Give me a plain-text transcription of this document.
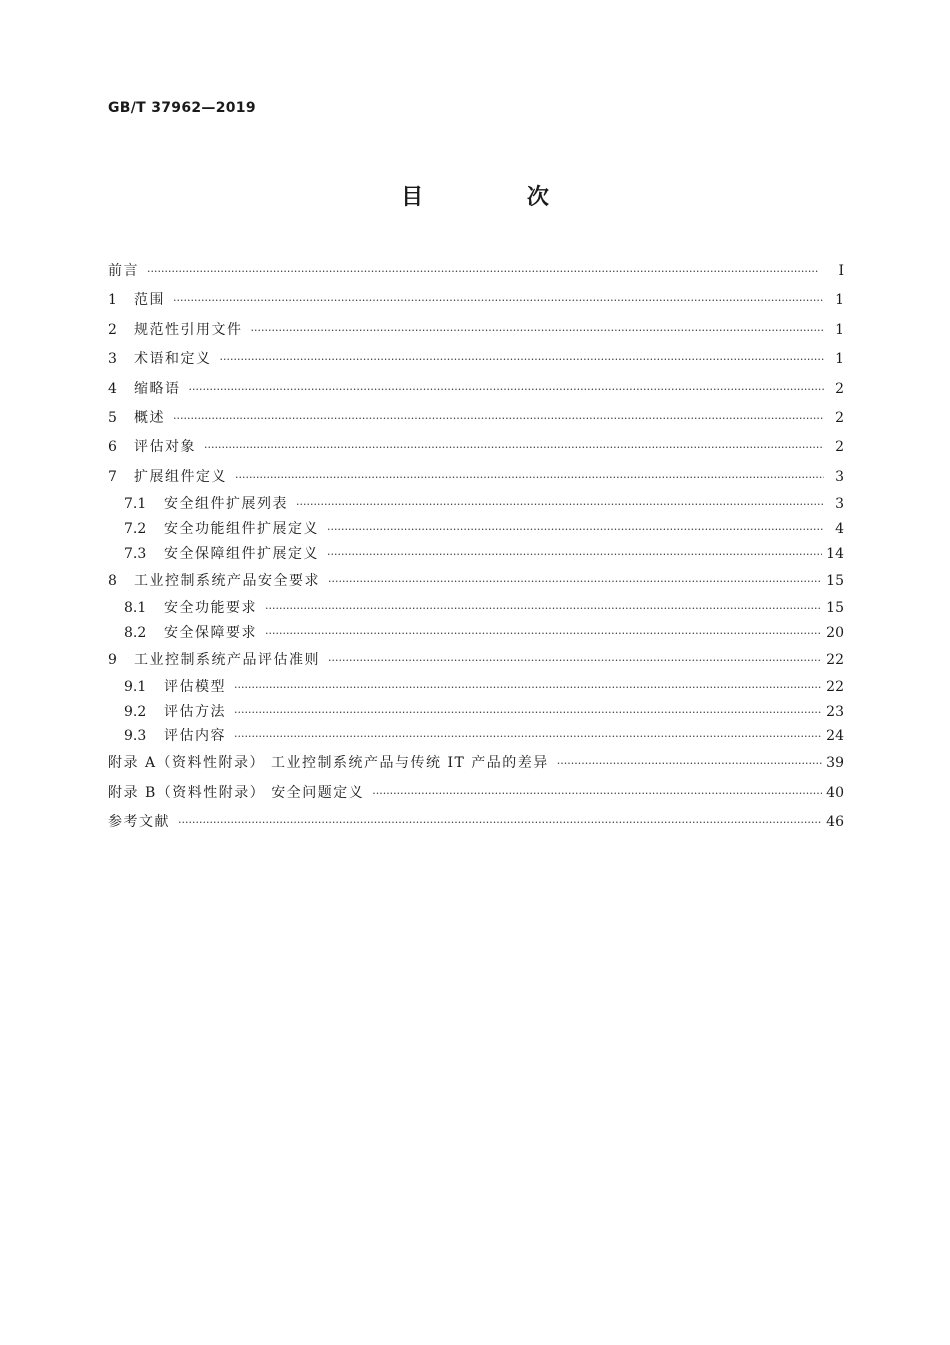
GB/T 37962—2019
目 次
前言 ·····	Ⅰ
1	范围 ·····	1
2	规范性引用文件 ·····	1
3	术语和定义 ·····	1
4	缩略语 ·····	2
5	概述 ·····	2
6	评估对象 ·····	2
7	扩展组件定义 ·····	3
7.1	安全组件扩展列表 ·····	3
7.2	安全功能组件扩展定义 ·····	4
7.3	安全保障组件扩展定义 ·····	14
8	工业控制系统产品安全要求 ·····	15
8.1	安全功能要求 ·····	15
8.2	安全保障要求 ·····	20
9	工业控制系统产品评估准则 ·····	22
9.1	评估模型 ·····	22
9.2	评估方法 ·····	23
9.3	评估内容 ·····	24
附录 A（资料性附录） 工业控制系统产品与传统 IT 产品的差异 ·····	39
附录 B（资料性附录） 安全问题定义 ·····	40
参考文献 ·····	46
